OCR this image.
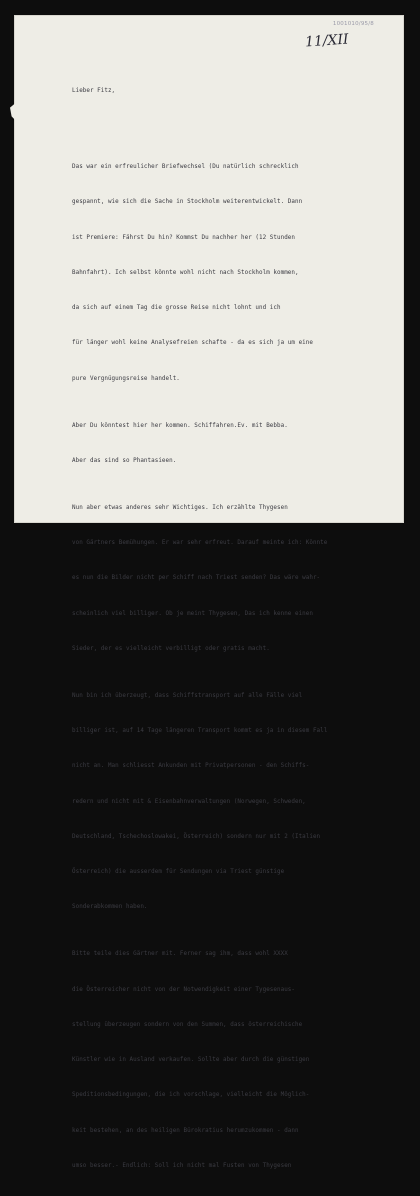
1001010/95/8
11/XII

Lieber Fitz,

Das war ein erfreulicher Briefwechsel (Du natürlich schrecklich

gespannt, wie sich die Sache in Stockholm weiterentwickelt. Dann

ist Premiere: Fährst Du hin? Kommst Du nachher her (12 Stunden

Bahnfahrt). Ich selbst könnte wohl nicht nach Stockholm kommen,

da sich auf einem Tag die grosse Reise nicht lohnt und ich

für länger wohl keine Analysefreien schafte - da es sich ja um eine

pure Vergnügungsreise handelt.

Aber Du könntest hier her kommen. Schiffahren.Ev. mit Bebba.

Aber das sind so Phantasieen.

Nun aber etwas anderes sehr Wichtiges. Ich erzählte Thygesen

von Gärtners Bemühungen. Er war sehr erfreut. Darauf meinte ich: Könnte

es nun die Bilder nicht per Schiff nach Triest senden? Das wäre wahr-

scheinlich viel billiger. Ob je meint Thygesen, Das ich kenne einen

Sieder, der es vielleicht verbilligt oder gratis macht.

Nun bin ich überzeugt, dass Schiffstransport auf alle Fälle viel

billiger ist, auf 14 Tage längeren Transport kommt es ja in diesem Fall

nicht an. Man schliesst Ankunden mit Privatpersonen - den Schiffs-

redern und nicht mit & Eisenbahnverwaltungen (Norwegen, Schweden,

Deutschland, Tschechoslowakei, Österreich) sondern nur mit 2 (Italien

Österreich) die ausserdem für Sendungen via Triest günstige

Sonderabkommen haben.

Bitte teile dies Gärtner mit. Ferner sag ihm, dass wohl XXXX

die Österreicher nicht von der Notwendigkeit einer Tygesenaus-

stellung überzeugen sondern von den Summen, dass österreichische

Künstler wie in Ausland verkaufen. Sollte aber durch die günstigen

Speditionsbedingungen, die ich vorschlage, vielleicht die Möglich-

keit bestehen, an des heiligen Bürokratius herumzukommen - dann

umso besser.- Endlich: Soll ich nicht mal Fusten von Thygesen
